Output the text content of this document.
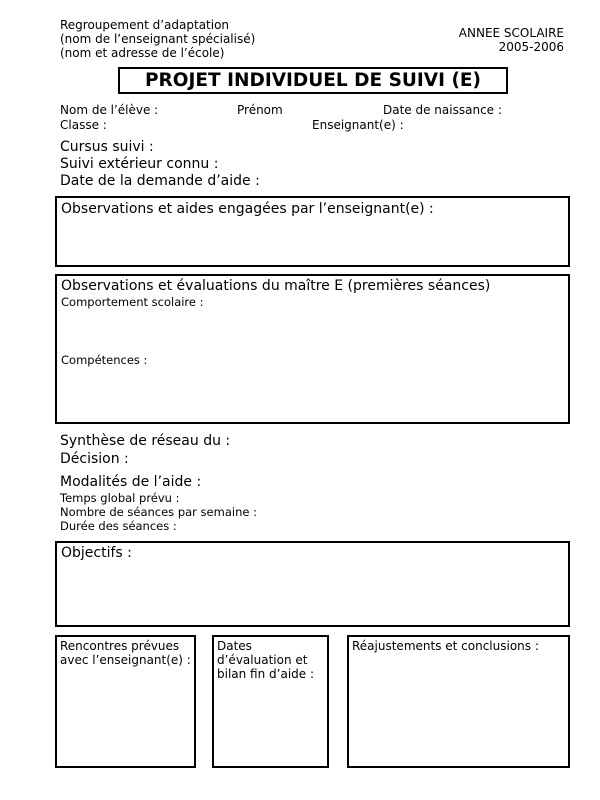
Regroupement d’adaptation
(nom de l’enseignant spécialisé)
(nom et adresse de l’école)
ANNEE SCOLAIRE
2005-2006
PROJET INDIVIDUEL DE SUIVI (E)
Nom de l’élève :	Prénom	Date de naissance :
Classe :	Enseignant(e) :
Cursus suivi :
Suivi extérieur connu :
Date de la demande d’aide :
Observations et aides engagées par l’enseignant(e) :
Observations et évaluations du maître E (premières séances)
Comportement scolaire :
Compétences :
Synthèse de réseau du :
Décision :
Modalités de l’aide :
Temps global prévu :
Nombre de séances par semaine :
Durée des séances :
Objectifs :
Rencontres prévues
avec l’enseignant(e) :
Dates
d’évaluation et
bilan fin d’aide :
Réajustements et conclusions :
